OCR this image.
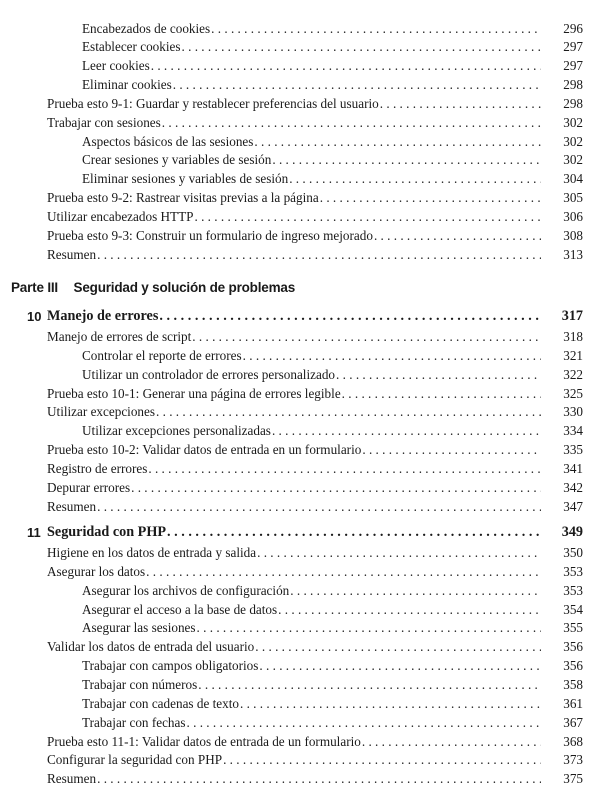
Parte III Seguridad y solución de problemas
Encabezados de cookies . . .	296
Establecer cookies . . .	297
Leer cookies . . .	297
Eliminar cookies . . .	298
Prueba esto 9-1: Guardar y restablecer preferencias del usuario . . .	298
Trabajar con sesiones . . .	302
Aspectos básicos de las sesiones . . .	302
Crear sesiones y variables de sesión . . .	302
Eliminar sesiones y variables de sesión . . .	304
Prueba esto 9-2: Rastrear visitas previas a la página . . .	305
Utilizar encabezados HTTP . . .	306
Prueba esto 9-3: Construir un formulario de ingreso mejorado . . .	308
Resumen . . .	313
10 Manejo de errores . . .	317
Manejo de errores de script . . .	318
Controlar el reporte de errores . . .	321
Utilizar un controlador de errores personalizado . . .	322
Prueba esto 10-1: Generar una página de errores legible . . .	325
Utilizar excepciones . . .	330
Utilizar excepciones personalizadas . . .	334
Prueba esto 10-2: Validar datos de entrada en un formulario . . .	335
Registro de errores . . .	341
Depurar errores . . .	342
Resumen . . .	347
11 Seguridad con PHP . . .	349
Higiene en los datos de entrada y salida . . .	350
Asegurar los datos . . .	353
Asegurar los archivos de configuración . . .	353
Asegurar el acceso a la base de datos . . .	354
Asegurar las sesiones . . .	355
Validar los datos de entrada del usuario . . .	356
Trabajar con campos obligatorios . . .	356
Trabajar con números . . .	358
Trabajar con cadenas de texto . . .	361
Trabajar con fechas . . .	367
Prueba esto 11-1: Validar datos de entrada de un formulario . . .	368
Configurar la seguridad con PHP . . .	373
Resumen . . .	375
